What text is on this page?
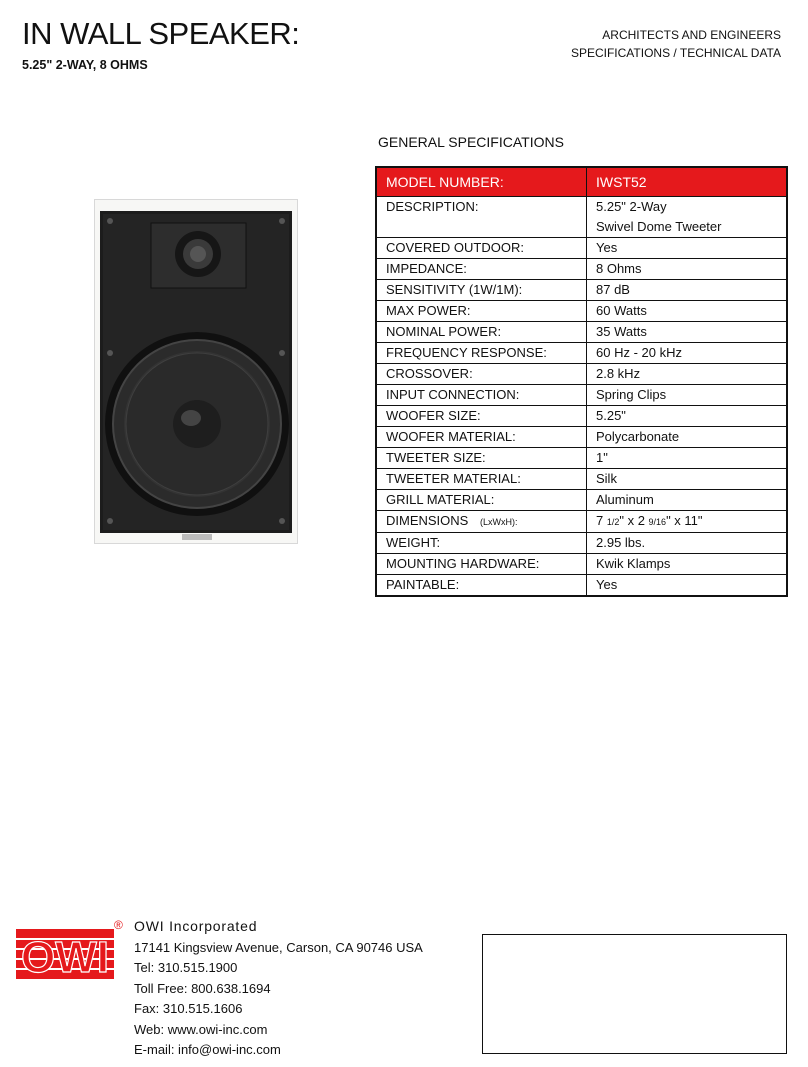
IN WALL SPEAKER:
5.25" 2-WAY, 8 OHMS
ARCHITECTS AND ENGINEERS
SPECIFICATIONS / TECHNICAL DATA
GENERAL SPECIFICATIONS
MODEL NUMBER:	IWST52
DESCRIPTION:	5.25" 2-Way
Swivel Dome Tweeter

COVERED OUTDOOR:	Yes
IMPEDANCE:	8 Ohms
SENSITIVITY (1W/1M):	87 dB
MAX POWER:	60 Watts
NOMINAL POWER:	35 Watts
FREQUENCY RESPONSE:	60 Hz - 20 kHz
CROSSOVER:	2.8 kHz
INPUT CONNECTION:	Spring Clips
WOOFER SIZE:	5.25"
WOOFER MATERIAL:	Polycarbonate
TWEETER SIZE:	1"
TWEETER MATERIAL:	Silk
GRILL MATERIAL:	Aluminum
DIMENSIONS (LxWxH):	7 1/2" x 2 9/16" x 11"
WEIGHT:	2.95 lbs.
MOUNTING HARDWARE:	Kwik Klamps
PAINTABLE:	Yes
OWI
® OWI Incorporated
17141 Kingsview Avenue, Carson, CA 90746 USA
Tel: 310.515.1900
Toll Free: 800.638.1694
Fax: 310.515.1606
Web: www.owi-inc.com
E-mail: info@owi-inc.com
